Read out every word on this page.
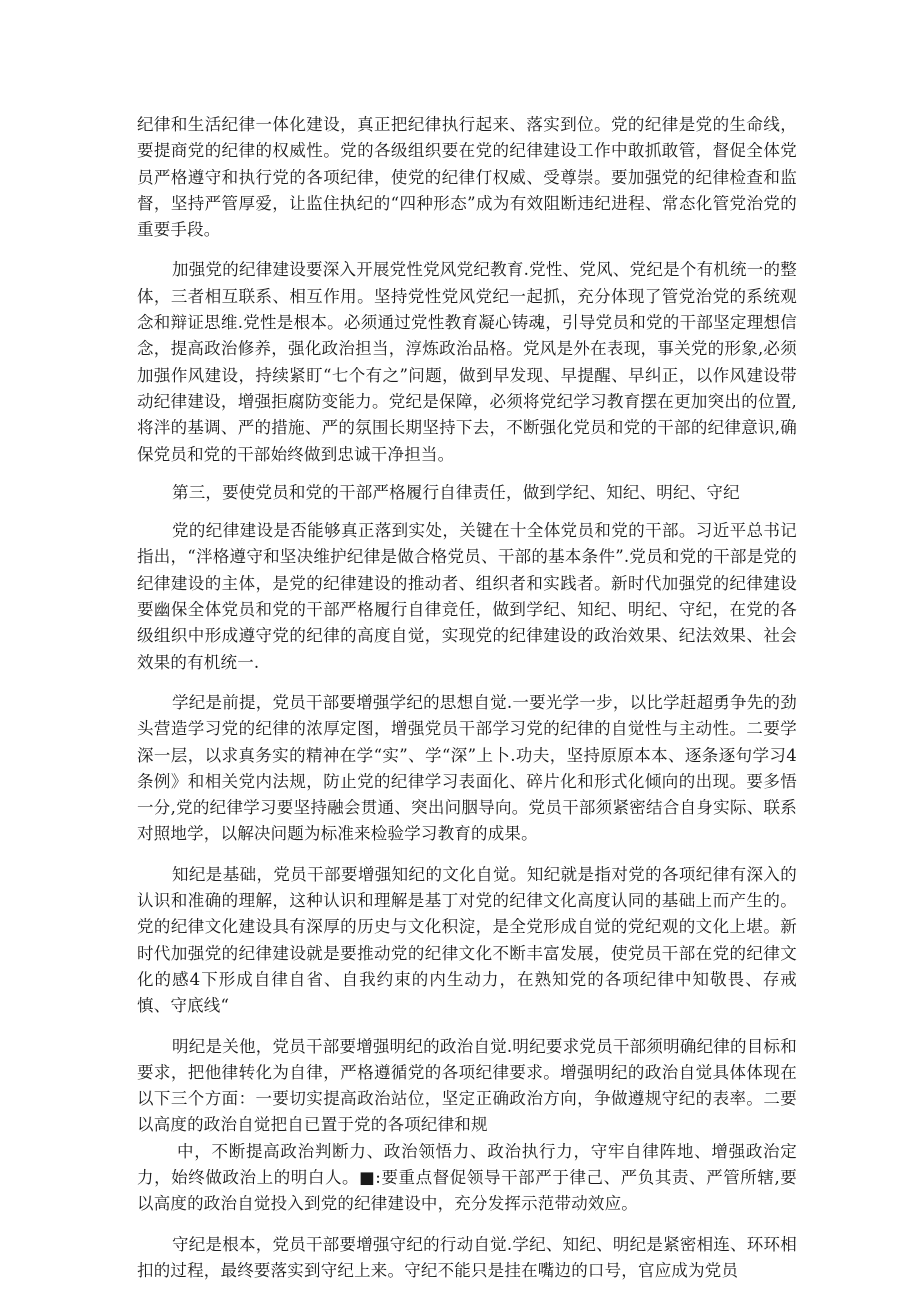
纪律和生活纪律一体化建设，真正把纪律执行起来、落实到位。党的纪律是党的生命线，要提商党的纪律的权威性。党的各级组织要在党的纪律建设工作中敢抓敢管，督促全体党员严格遵守和执行党的各项纪律，使党的纪律仃权威、受尊崇。要加强党的纪律检查和监督，坚持严管厚爱，让监住执纪的“四种形态”成为有效阻断违纪进程、常态化管党治党的重要手段。

加强党的纪律建设要深入开展党性党风党纪教育.党性、党风、党纪是个有机统一的整体，三者相互联系、相互作用。坚持党性党风党纪一起抓，充分体现了管党治党的系统观念和辩证思维.党性是根本。必须通过党性教育凝心铸魂，引导党员和党的干部坚定理想信念，提高政治修养，强化政治担当，淳炼政治品格。党风是外在表现，事关党的形象,必须加强作风建设，持续紧盯“七个有之”问题，做到早发现、早提醒、早纠正，以作风建设带动纪律建设，增强拒腐防变能力。党纪是保障，必须将党纪学习教育摆在更加突出的位置,将泮的基调、严的措施、严的氛围长期坚持下去，不断强化党员和党的干部的纪律意识,确保党员和党的干部始终做到忠诚干净担当。

第三，要使党员和党的干部严格履行自律责任，做到学纪、知纪、明纪、守纪

党的纪律建设是否能够真正落到实处，关键在十全体党员和党的干部。习近平总书记指出，“泮格遵守和坚决维护纪律是做合格党员、干部的基本条件”.党员和党的干部是党的纪律建设的主体，是党的纪律建设的推动者、组织者和实践者。新时代加强党的纪律建设要幽保全体党员和党的干部严格履行自律竞任，做到学纪、知纪、明纪、守纪，在党的各级组织中形成遵守党的纪律的高度自觉，实现党的纪律建设的政治效果、纪法效果、社会效果的有机统一.

学纪是前提，党员干部要增强学纪的思想自觉.一要光学一步，以比学赶超勇争先的劲头营造学习党的纪律的浓厚定图，增强党员干部学习党的纪律的自觉性与主动性。二要学深一层，以求真务实的精神在学“实”、学“深”上卜.功夫，坚持原原本本、逐条逐句学习4条例》和相关党内法规，防止党的纪律学习表面化、碎片化和形式化倾向的出现。要多悟一分,党的纪律学习要坚持融会贯通、突出问胭导向。党员干部须紧密结合自身实际、联系对照地学，以解决问题为标准来检验学习教育的成果。

知纪是基础，党员干部要增强知纪的文化自觉。知纪就是指对党的各项纪律有深入的认识和准确的理解，这种认识和理解是基丁对党的纪律文化高度认同的基础上而产生的。党的纪律文化建设具有深厚的历史与文化积淀，是全党形成自觉的党纪观的文化上堪。新时代加强党的纪律建设就是要推动党的纪律文化不断丰富发展，使党员干部在党的纪律文化的感4下形成自律自省、自我约束的内生动力，在熟知党的各项纪律中知敬畏、存戒慎、守底线“

明纪是关他，党员干部要增强明纪的政治自觉.明纪要求党员干部须明确纪律的目标和要求，把他律转化为自律，严格遵循党的各项纪律要求。增强明纪的政治自觉具体体现在以下三个方面：一要切实提高政治站位，坚定正确政治方向，争做遵规守纪的表率。二要以高度的政治自觉把自已置于党的各项纪律和规

中，不断提高政治判断力、政治领悟力、政治执行力，守牢自律阵地、增强政治定力，始终做政治上的明白人。■:要重点督促领导干部严于律己、严负其责、严管所辖,要以高度的政治自觉投入到党的纪律建设中，充分发挥示范带动效应。

守纪是根本，党员干部要增强守纪的行动自觉.学纪、知纪、明纪是紧密相连、环环相扣的过程，最终要落实到守纪上来。守纪不能只是挂在嘴边的口号，官应成为党员
